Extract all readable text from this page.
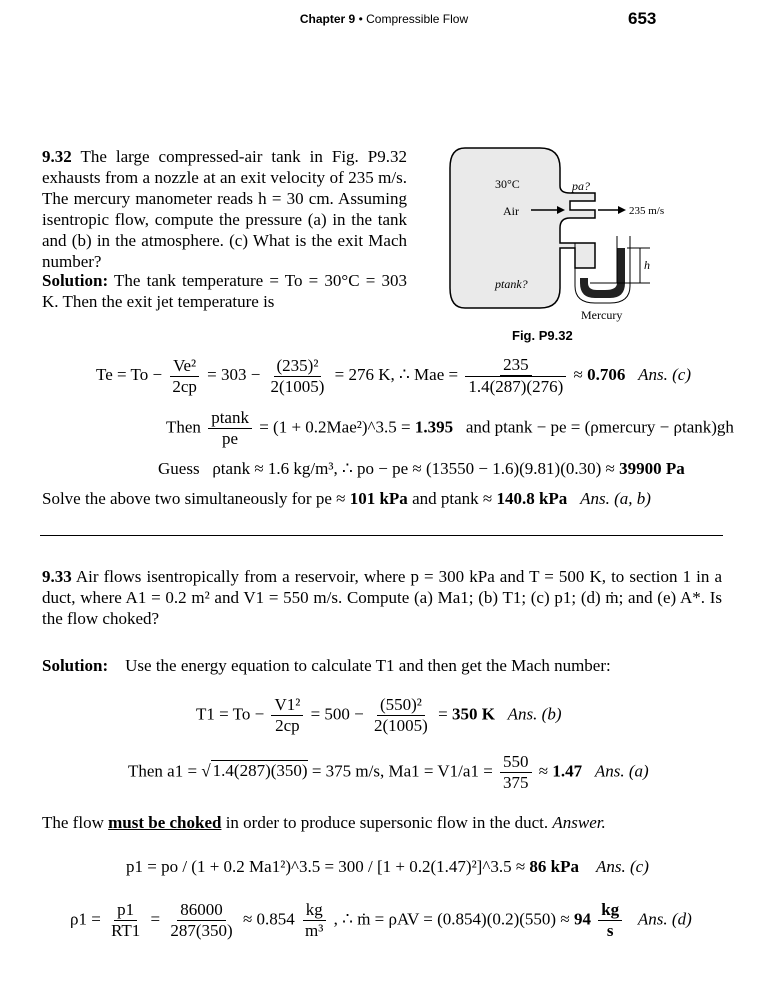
Chapter 9 • Compressible Flow	653
9.32 The large compressed-air tank in Fig. P9.32 exhausts from a nozzle at an exit velocity of 235 m/s. The mercury manometer reads h = 30 cm. Assuming isentropic flow, compute the pressure (a) in the tank and (b) in the atmosphere. (c) What is the exit Mach number?
30°C
Air
pa?
235 m/s
h
ptank?
Mercury
Fig. P9.32
Solution: The tank temperature = To = 30°C = 303 K. Then the exit jet temperature is
$Te = To - \frac{\text{Ve²}}{2cp} = 303 - \frac{\text{(235)²}}{2(1005)} = 276$ K, ∴ Mae = $\frac{235}{1.4(287)(276)} \approx 0.706$ Ans. (c)
Then $\frac{ptank}{pe} = (1$ + 0.2Mae²)^3.5 = 1.395 and ptank − pe = (ρmercury − ρtank)gh
Guess ρtank ≈ 1.6 kg/m³, ∴ po − pe ≈ (13550 − 1.6)(9.81)(0.30) ≈ 39900 Pa
Solve the above two simultaneously for pe ≈ 101 kPa and ptank ≈ 140.8 kPa Ans. (a, b)
9.33 Air flows isentropically from a reservoir, where p = 300 kPa and T = 500 K, to section 1 in a duct, where A1 = 0.2 m² and V1 = 550 m/s. Compute (a) Ma1; (b) T1; (c) p1; (d) ṁ; and (e) A*. Is the flow choked?
Solution: Use the energy equation to calculate T1 and then get the Mach number:
$T1 = To - \frac{\text{V1²}}{2cp} = 500 - \frac{\text{(550)²}}{2(1005)} = 350$ K Ans. (b)
Then a1 = √ 1.4(287)(350) = 375 m/s, $Ma1 = V1/a1 = \frac{550}{375} \approx 1.47$ Ans. (a)
The flow must be choked in order to produce supersonic flow in the duct. Answer.
p1 = po / (1 + 0.2 Ma1²)^3.5 = 300 / [1 + 0.2(1.47)²]^3.5 ≈ 86 kPa Ans. (c)
$\rho 1 = \frac{p1}{RT1} = \frac{86000}{287(350)} \approx 0.854 \frac{kg}{\text{m³}}$ , ∴ ṁ = $\rho AV = (0.854)(0.2)(550) \approx 94 \frac{kg}{s}$ Ans. (d)
